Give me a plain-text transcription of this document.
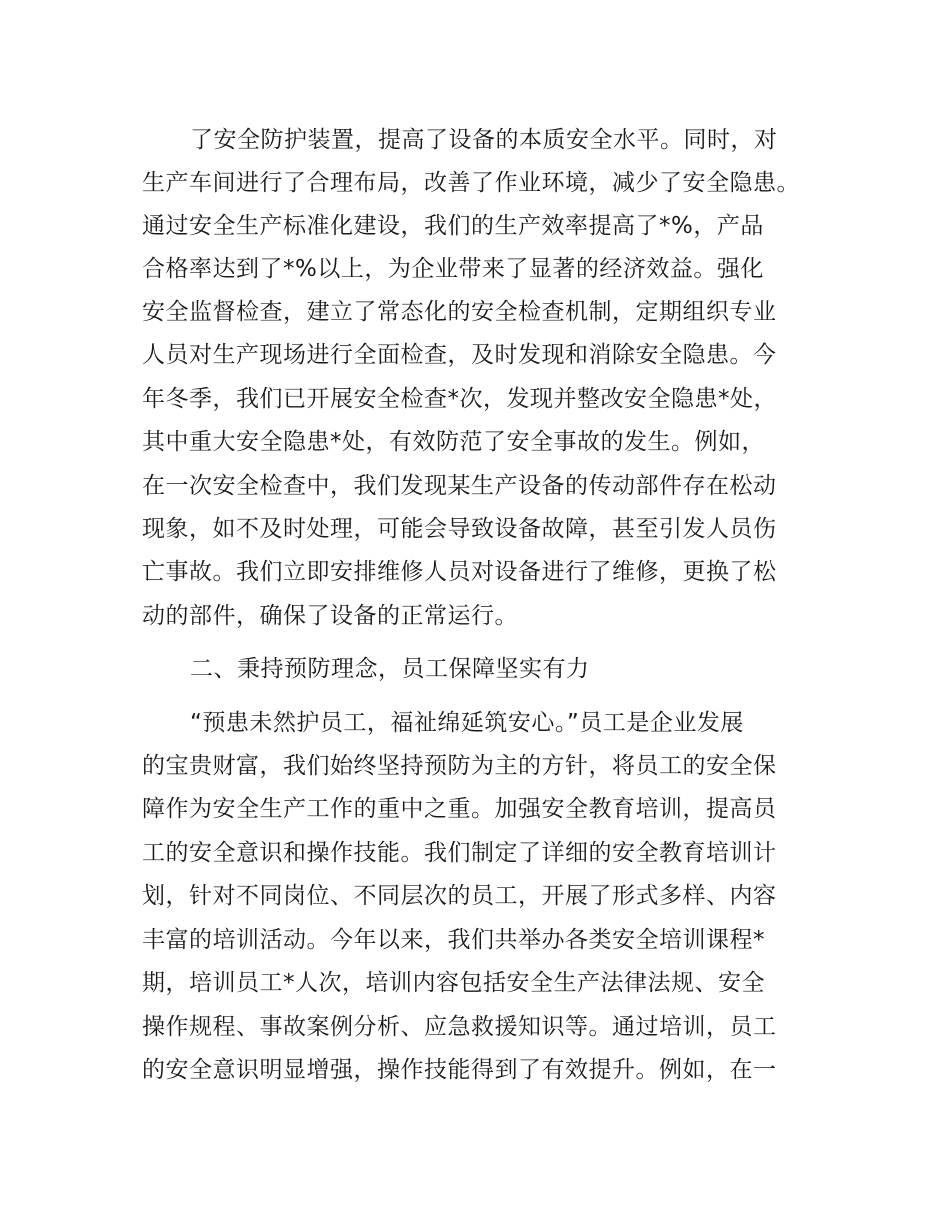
了安全防护装置，提高了设备的本质安全水平。同时，对
生产车间进行了合理布局，改善了作业环境，减少了安全隐患。
通过安全生产标准化建设，我们的生产效率提高了*%，产品
合格率达到了*%以上，为企业带来了显著的经济效益。强化
安全监督检查，建立了常态化的安全检查机制，定期组织专业
人员对生产现场进行全面检查，及时发现和消除安全隐患。今
年冬季，我们已开展安全检查*次，发现并整改安全隐患*处，
其中重大安全隐患*处，有效防范了安全事故的发生。例如，
在一次安全检查中，我们发现某生产设备的传动部件存在松动
现象，如不及时处理，可能会导致设备故障，甚至引发人员伤
亡事故。我们立即安排维修人员对设备进行了维修，更换了松
动的部件，确保了设备的正常运行。
二、秉持预防理念，员工保障坚实有力
“预患未然护员工，福祉绵延筑安心。”员工是企业发展
的宝贵财富，我们始终坚持预防为主的方针，将员工的安全保
障作为安全生产工作的重中之重。加强安全教育培训，提高员
工的安全意识和操作技能。我们制定了详细的安全教育培训计
划，针对不同岗位、不同层次的员工，开展了形式多样、内容
丰富的培训活动。今年以来，我们共举办各类安全培训课程*
期，培训员工*人次，培训内容包括安全生产法律法规、安全
操作规程、事故案例分析、应急救援知识等。通过培训，员工
的安全意识明显增强，操作技能得到了有效提升。例如，在一
